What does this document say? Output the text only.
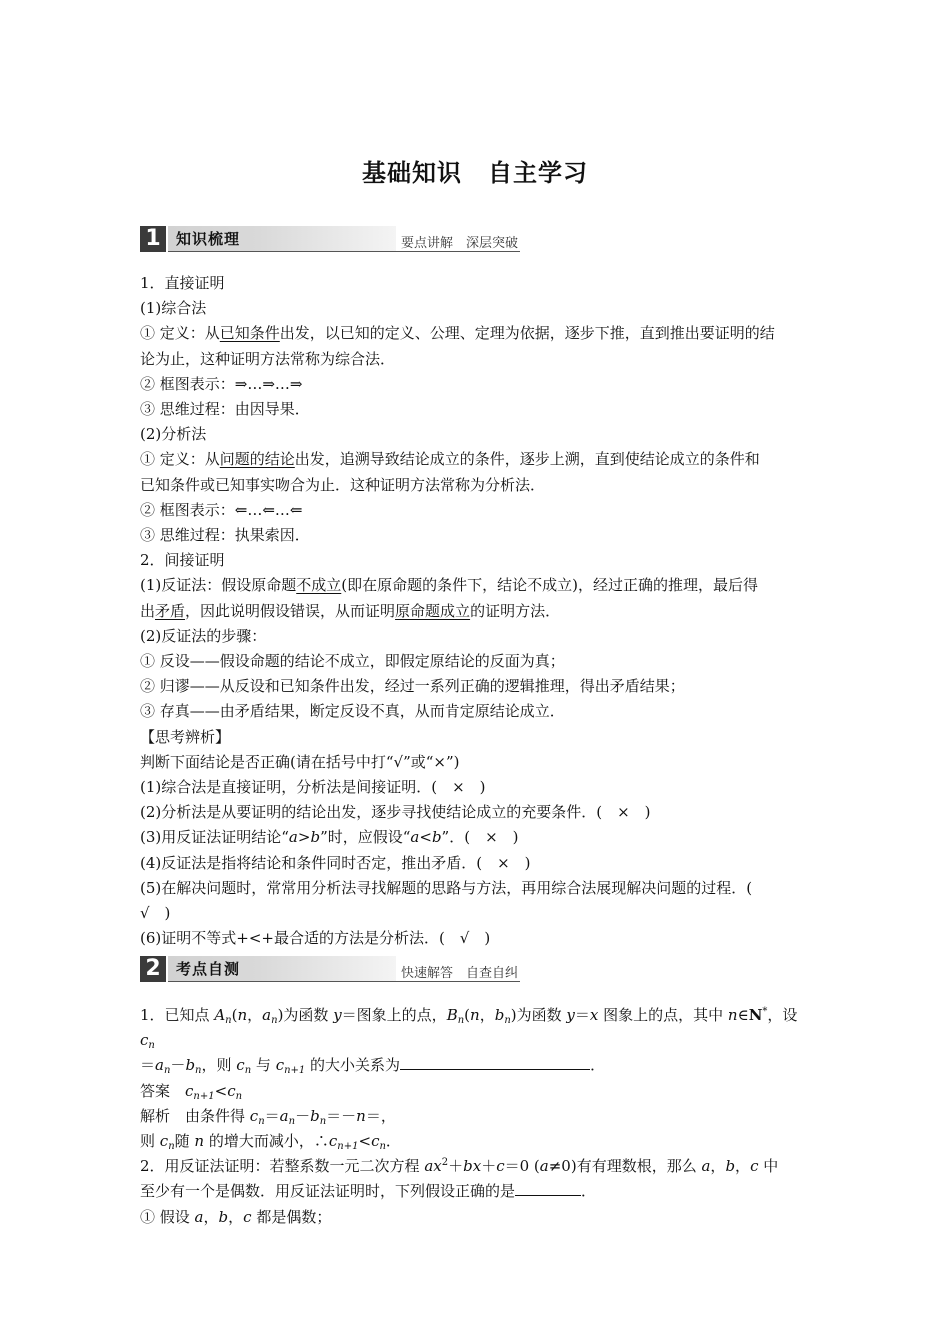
基础知识 自主学习
1	知识梳理	要点讲解　深层突破

1．直接证明

(1)综合法

① 定义：从已知条件出发，以已知的定义、公理、定理为依据，逐步下推，直到推出要证明的结

论为止，这种证明方法常称为综合法．

② 框图表示：⇒…⇒…⇒

③ 思维过程：由因导果．

(2)分析法

① 定义：从问题的结论出发，追溯导致结论成立的条件，逐步上溯，直到使结论成立的条件和

已知条件或已知事实吻合为止．这种证明方法常称为分析法．

② 框图表示：⇐…⇐…⇐

③ 思维过程：执果索因．

2．间接证明

(1)反证法：假设原命题不成立(即在原命题的条件下，结论不成立)，经过正确的推理，最后得

出矛盾，因此说明假设错误，从而证明原命题成立的证明方法．

(2)反证法的步骤：

① 反设——假设命题的结论不成立，即假定原结论的反面为真；

② 归谬——从反设和已知条件出发，经过一系列正确的逻辑推理，得出矛盾结果；

③ 存真——由矛盾结果，断定反设不真，从而肯定原结论成立．

【思考辨析】

判断下面结论是否正确(请在括号中打“√”或“×”)

(1)综合法是直接证明，分析法是间接证明．(　×　)

(2)分析法是从要证明的结论出发，逐步寻找使结论成立的充要条件．(　×　)

(3)用反证法证明结论“a>b”时，应假设“a<b”．(　×　)

(4)反证法是指将结论和条件同时否定，推出矛盾．(　×　)

(5)在解决问题时，常常用分析法寻找解题的思路与方法，再用综合法展现解决问题的过程．(

√　)

(6)证明不等式+<+最合适的方法是分析法．(　√　)

2	考点自测	快速解答　自查自纠

1．已知点 $A_n(n$，$a_n$)为函数 y＝图象上的点，$B_n(n$，$b_n$)为函数 y＝x 图象上的点，其中 n∈N*，设 $c_n$

$=a_n-b_n$，则 $c_n$ 与 $c_{n+1}$ 的大小关系为	．

答案　$c_{n+1}<c_n$

解析　由条件得 $c_n=a_n-b_n=-n=$，

则 $c_n$随 n 的增大而减小，$\therefore c_{n+1}<c_n$．

2．用反证法证明：若整系数一元二次方程 $ax^2+bx+c=0$ (a≠0)有有理数根，那么 a，b，c 中

至少有一个是偶数．用反证法证明时，下列假设正确的是	．

① 假设 a，b，c 都是偶数；
